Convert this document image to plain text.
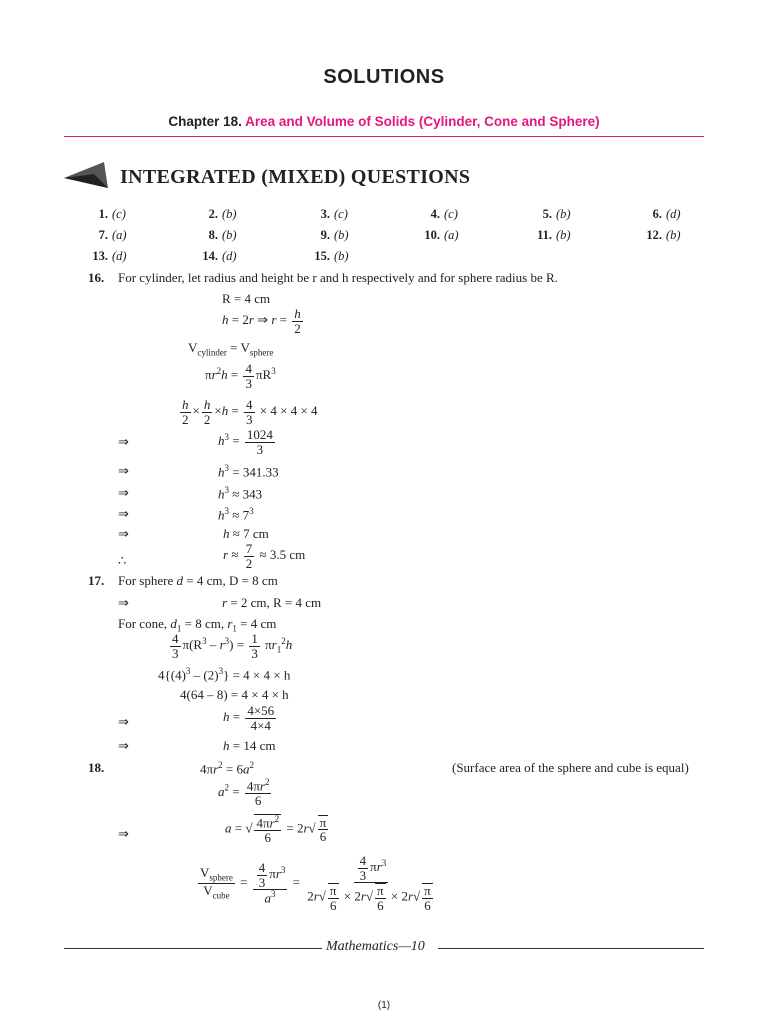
SOLUTIONS
Chapter 18. Area and Volume of Solids (Cylinder, Cone and Sphere)
INTEGRATED (MIXED) QUESTIONS
1. (c)	2. (b)	3. (c)	4. (c)	5. (b)	6. (d)
7. (a)	8. (b)	9. (b)	10. (a)	11. (b)	12. (b)
13. (d)	14. (d)	15. (b)
16. For cylinder, let radius and height be r and h respectively and for sphere radius be R.
R = 4 cm
h = 2r ⇒ $r = \frac{h}{2}$
$V_{cylinder} = V_{sphere}$
$\pi r^2h = \frac{4}{3} \pi R^3$
$\frac{h}{2} \times \frac{h}{2} \times h = \frac{4}{3} \times 4 \times 4 \times 4$
⇒	$h^3 = \frac{1024}{3}$
⇒	$h^3 = 341.33$
⇒	$h^3 \approx 343$
⇒	$h^3 \approx 7^3$
⇒	h ≈ 7 cm
∴	$r \approx \frac{7}{2} \approx 3.5$ cm
17. For sphere d = 4 cm, D = 8 cm
⇒	r = 2 cm, R = 4 cm
For cone, $d_1 = 8$ cm, $r_1 = 4$ cm
$\frac{4}{3} \pi(R^3 - r^3) = \frac{1}{3} \pi r_1^2h$
$4\{(4)^3 - (2)^3\} = 4 \times 4 \times h$
4(64 – 8) = 4 × 4 × h
⇒	$h = \frac{4\times 56}{4\times 4}$
⇒	h = 14 cm
18.	$4\pi r^2 = 6a^2$	(Surface area of the sphere and cube is equal)
$a^2 = \frac{4\pi r^2}{6}$
⇒	a = √ $\frac{4\pi r^2}{6} = 2r√ \frac{\pi}{6}$
$\frac{V_{sphere}}{V_{cube}} = \frac{\frac{4}{3} \pi r^3}{a^3} = \frac{\frac{4}{3} \pi r^3}{2r√ \frac{\pi}{6} \times 2r√ \frac{\pi}{6} \times 2r√ \frac{\pi}{6}}$
Mathematics—10
(1)
